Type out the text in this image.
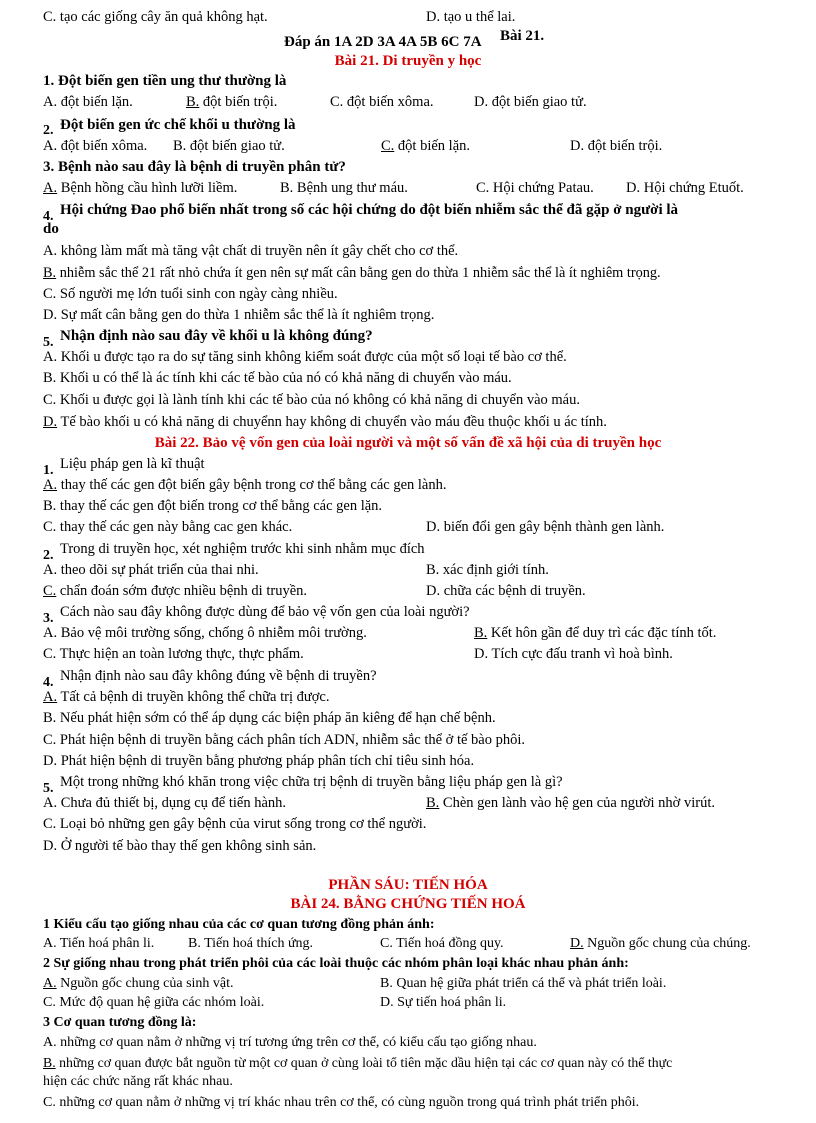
C. tạo các giống cây ăn quả không hạt.	D. tạo u thể lai.
Đáp án 1A 2D 3A 4A 5B 6C 7A Bài 21.
Bài 21. Di truyền y học
1. Đột biến gen tiền ung thư thường là
A. đột biến lặn.	B. đột biến trội.	C. đột biến xôma.	D. đột biến giao tử.
2. Đột biến gen ức chế khối u thường là
A. đột biến xôma. B. đột biến giao tử.	C. đột biến lặn.	D. đột biến trội.
3. Bệnh nào sau đây là bệnh di truyền phân tử?
A. Bệnh hồng cầu hình lưỡi liềm.	B. Bệnh ung thư máu.	C. Hội chứng Patau. D. Hội chứng Etuốt.
4. Hội chứng Đao phổ biến nhất trong số các hội chứng do đột biến nhiễm sắc thể đã gặp ở người là
do
A. không làm mất mà tăng vật chất di truyền nên ít gây chết cho cơ thể.
B. nhiễm sắc thể 21 rất nhỏ chứa ít gen nên sự mất cân bằng gen do thừa 1 nhiễm sắc thể là ít nghiêm trọng.
C. Số người mẹ lớn tuổi sinh con ngày càng nhiều.
D. Sự mất cân bằng gen do thừa 1 nhiễm sắc thể là ít nghiêm trọng.
5. Nhận định nào sau đây về khối u là không đúng?
A. Khối u được tạo ra do sự tăng sinh không kiểm soát được của một số loại tế bào cơ thể.
B. Khối u có thể là ác tính khi các tế bào của nó có khả năng di chuyển vào máu.
C. Khối u được gọi là lành tính khi các tế bào của nó không có khả năng di chuyển vào máu.
D. Tế bào khối u có khả năng di chuyểnn hay không di chuyển vào máu đều thuộc khối u ác tính.
Bài 22. Bảo vệ vốn gen của loài người và một số vấn đề xã hội của di truyền học
1. Liệu pháp gen là kĩ thuật
A. thay thế các gen đột biến gây bệnh trong cơ thể bằng các gen lành.
B. thay thế các gen đột biến trong cơ thể bằng các gen lặn.
C. thay thế các gen này bằng cac gen khác.	D. biến đổi gen gây bệnh thành gen lành.
2. Trong di truyền học, xét nghiệm trước khi sinh nhằm mục đích
A. theo dõi sự phát triển của thai nhi.	B. xác định giới tính.
C. chẩn đoán sớm được nhiều bệnh di truyền.	D. chữa các bệnh di truyền.
3. Cách nào sau đây không được dùng để bảo vệ vốn gen của loài người?
A. Bảo vệ môi trường sống, chống ô nhiễm môi trường.	B. Kết hôn gần để duy trì các đặc tính tốt.
C. Thực hiện an toàn lương thực, thực phẩm.	D. Tích cực đấu tranh vì hoà bình.
4. Nhận định nào sau đây không đúng về bệnh di truyền?
A. Tất cả bệnh di truyền không thể chữa trị được.
B. Nếu phát hiện sớm có thể áp dụng các biện pháp ăn kiêng để hạn chế bệnh.
C. Phát hiện bệnh di truyền bằng cách phân tích ADN, nhiễm sắc thể ở tế bào phôi.
D. Phát hiện bệnh di truyền bằng phương pháp phân tích chỉ tiêu sinh hóa.
5. Một trong những khó khăn trong việc chữa trị bệnh di truyền bằng liệu pháp gen là gì?
A. Chưa đủ thiết bị, dụng cụ để tiến hành.	B. Chèn gen lành vào hệ gen của người nhờ virút.
C. Loại bỏ những gen gây bệnh của virut sống trong cơ thể người.
D. Ở người tế bào thay thế gen không sinh sản.
PHẦN SÁU: TIẾN HÓA
BÀI 24. BẰNG CHỨNG TIẾN HOÁ
1 Kiểu cấu tạo giống nhau của các cơ quan tương đồng phản ánh:
A. Tiến hoá phân li. B. Tiến hoá thích ứng.	C. Tiến hoá đồng quy.	D. Nguồn gốc chung của chúng.
2 Sự giống nhau trong phát triển phôi của các loài thuộc các nhóm phân loại khác nhau phản ánh:
A. Nguồn gốc chung của sinh vật.	B. Quan hệ giữa phát triển cá thể và phát triển loài.
C. Mức độ quan hệ giữa các nhóm loài.	D. Sự tiến hoá phân li.
3 Cơ quan tương đồng là:
A. những cơ quan nằm ở những vị trí tương ứng trên cơ thể, có kiểu cấu tạo giống nhau.
B. những cơ quan được bắt nguồn từ một cơ quan ở cùng loài tổ tiên mặc dầu hiện tại các cơ quan này có thể thực
hiện các chức năng rất khác nhau.
C. những cơ quan nằm ở những vị trí khác nhau trên cơ thể, có cùng nguồn trong quá trình phát triển phôi.
